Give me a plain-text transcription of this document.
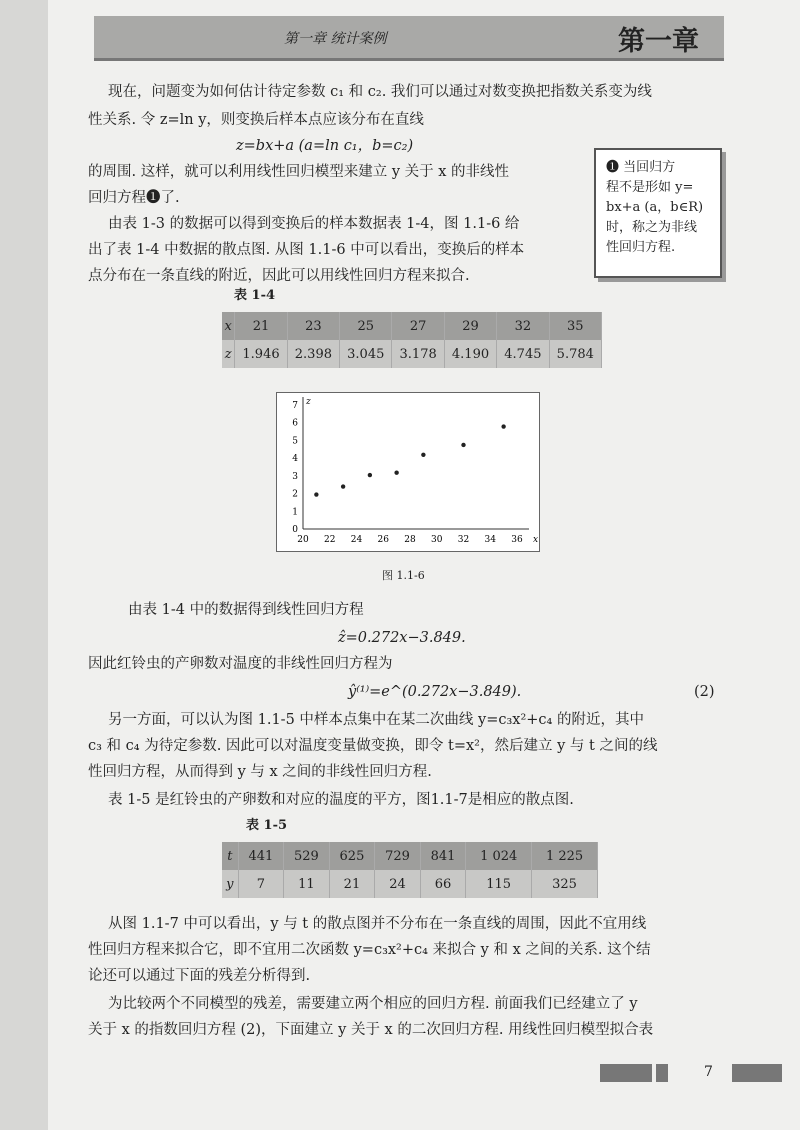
第一章 统计案例	第一章
现在，问题变为如何估计待定参数 c₁ 和 c₂. 我们可以通过对数变换把指数关系变为线
性关系. 令 z=ln y，则变换后样本点应该分布在直线
z=bx+a (a=ln c₁，b=c₂)
的周围. 这样，就可以利用线性回归模型来建立 y 关于 x 的非线性
回归方程❶了.
由表 1-3 的数据可以得到变换后的样本数据表 1-4，图 1.1-6 给
出了表 1-4 中数据的散点图. 从图 1.1-6 中可以看出，变换后的样本
点分布在一条直线的附近，因此可以用线性回归方程来拟合.
❶ 当回归方
程不是形如 y=
bx+a (a，b∈R)
时，称之为非线
性回归方程.
表 1-4
x	21	23	25	27	29	32	35
z	1.946	2.398	3.045	3.178	4.190	4.745	5.784
20 22 24 26 28 30 32 34 36
0
1
2
3
4
5
6
7
x
z
图 1.1-6
由表 1-4 中的数据得到线性回归方程
ẑ=0.272x−3.849.
因此红铃虫的产卵数对温度的非线性回归方程为
ŷ⁽¹⁾=e^(0.272x−3.849).	(2)
另一方面，可以认为图 1.1-5 中样本点集中在某二次曲线 y=c₃x²+c₄ 的附近，其中
c₃ 和 c₄ 为待定参数. 因此可以对温度变量做变换，即令 t=x²，然后建立 y 与 t 之间的线
性回归方程，从而得到 y 与 x 之间的非线性回归方程.
表 1-5 是红铃虫的产卵数和对应的温度的平方，图1.1-7是相应的散点图.
表 1-5
t	441	529	625	729	841	1 024	1 225
y	7	11	21	24	66	115	325
从图 1.1-7 中可以看出，y 与 t 的散点图并不分布在一条直线的周围，因此不宜用线
性回归方程来拟合它，即不宜用二次函数 y=c₃x²+c₄ 来拟合 y 和 x 之间的关系. 这个结
论还可以通过下面的残差分析得到.
为比较两个不同模型的残差，需要建立两个相应的回归方程. 前面我们已经建立了 y
关于 x 的指数回归方程 (2)，下面建立 y 关于 x 的二次回归方程. 用线性回归模型拟合表
7
